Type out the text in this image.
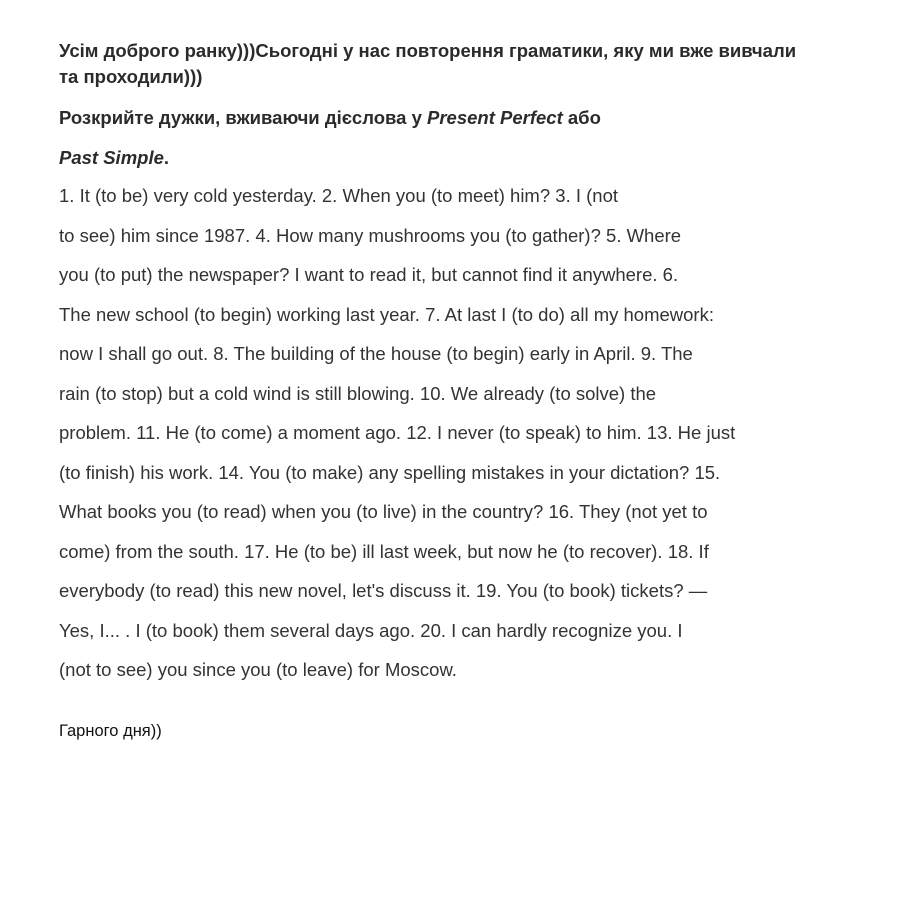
Усім доброго ранку)))Сьогодні у нас повторення граматики, яку ми вже вивчали та проходили)))

Розкрийте дужки, вживаючи дієслова у Present Perfect або

Past Simple.

1. It (to be) very cold yesterday. 2. When you (to meet) him? 3. I (not
to see) him since 1987. 4. How many mushrooms you (to gather)? 5. Where
you (to put) the newspaper? I want to read it, but cannot find it anywhere. 6.
The new school (to begin) working last year. 7. At last I (to do) all my homework:
now I shall go out. 8. The building of the house (to begin) early in April. 9. The
rain (to stop) but a cold wind is still blowing. 10. We already (to solve) the
problem. 11. He (to come) a moment ago. 12. I never (to speak) to him. 13. He just
(to finish) his work. 14. You (to make) any spelling mistakes in your dictation? 15.
What books you (to read) when you (to live) in the country? 16. They (not yet to
come) from the south. 17. He (to be) ill last week, but now he (to recover). 18. If
everybody (to read) this new novel, let's discuss it. 19. You (to book) tickets? —
Yes, I... . I (to book) them several days ago. 20. I can hardly recognize you. I
(not to see) you since you (to leave) for Moscow.
Гарного дня))
